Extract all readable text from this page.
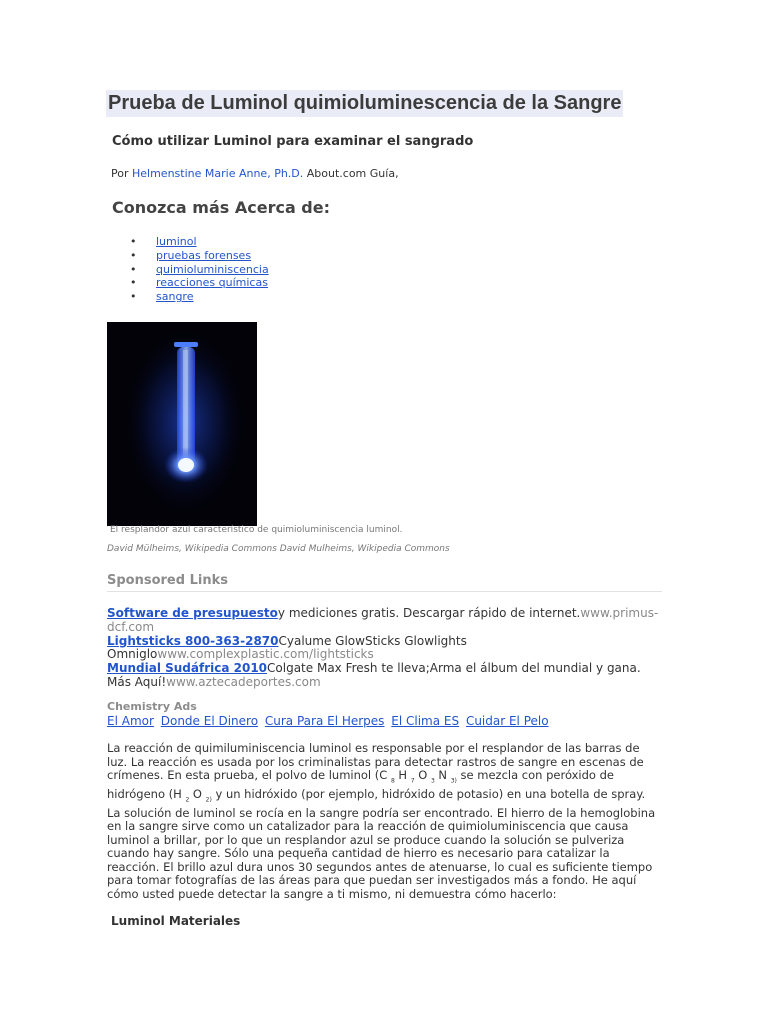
Prueba de Luminol quimioluminescencia de la Sangre
Cómo utilizar Luminol para examinar el sangrado
Por Helmenstine Marie Anne, Ph.D. About.com Guía,
Conozca más Acerca de:
• luminol
• pruebas forenses
• quimioluminiscencia
• reacciones químicas
• sangre
El resplandor azul característico de quimioluminiscencia luminol.
David Mülheims, Wikipedia Commons David Mulheims, Wikipedia Commons
Sponsored Links

Software de presupuestoy mediciones gratis. Descargar rápido de internet.www.primus-dcf.com

Lightsticks 800-363-2870Cyalume GlowSticks Glowlights Omniglowww.complexplastic.com/lightsticks

Mundial Sudáfrica 2010Colgate Max Fresh te lleva;Arma el álbum del mundial y gana. Más Aquí!www.aztecadeportes.com

Chemistry Ads
El Amor Donde El Dinero Cura Para El Herpes El Clima ES Cuidar El Pelo
La reacción de quimiluminiscencia luminol es responsable por el resplandor de las barras de luz. La reacción es usada por los criminalistas para detectar rastros de sangre en escenas de crímenes. En esta prueba, el polvo de luminol (C $_8$ H $_7$ O $_3$ N $_{3)}$ se mezcla con peróxido de hidrógeno (H $_2$ O $_{2)}$ y un hidróxido (por ejemplo, hidróxido de potasio) en una botella de spray. La solución de luminol se rocía en la sangre podría ser encontrado. El hierro de la hemoglobina en la sangre sirve como un catalizador para la reacción de quimioluminiscencia que causa luminol a brillar, por lo que un resplandor azul se produce cuando la solución se pulveriza cuando hay sangre. Sólo una pequeña cantidad de hierro es necesario para catalizar la reacción. El brillo azul dura unos 30 segundos antes de atenuarse, lo cual es suficiente tiempo para tomar fotografías de las áreas para que puedan ser investigados más a fondo. He aquí cómo usted puede detectar la sangre a ti mismo, ni demuestra cómo hacerlo:
Luminol Materiales
